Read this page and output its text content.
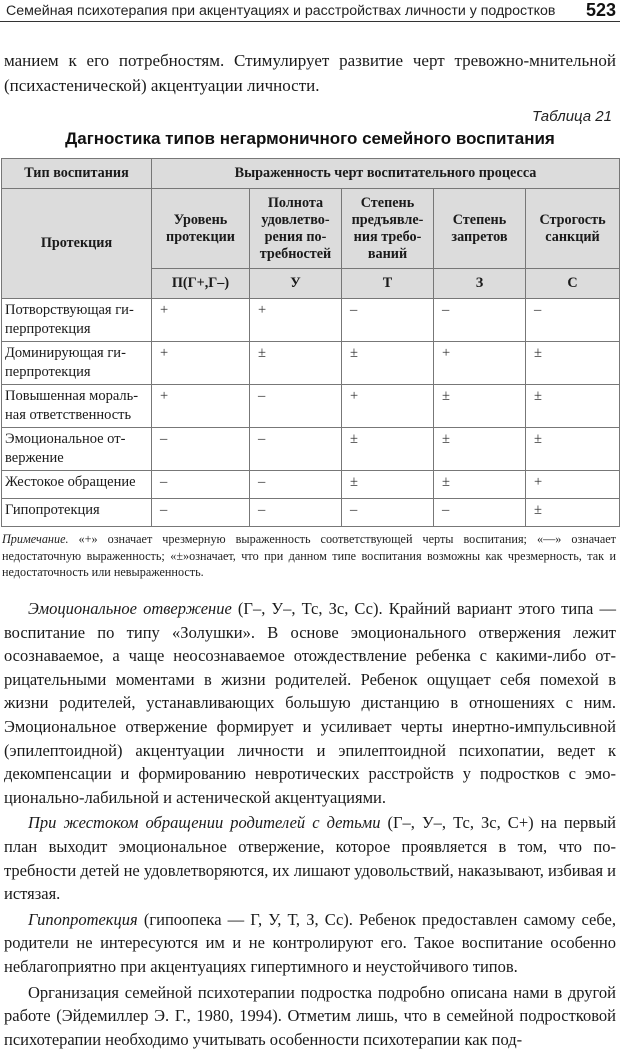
Семейная психотерапия при акцентуациях и расстройствах личности у подростков 523

манием к его потребностям. Стимулирует развитие черт тревожно-мнительной (психастенической) акцентуации личности.

Таблица 21
Дагностика типов негармоничного семейного воспитания
Тип воспитания	Выраженность черт воспитательного процесса				
Протекция	Уровень протекции	Полнота удовлетворения потребностей	Степень предъявления требований	Степень запретов	Строгость санкций
	П(Г+,Г–)	У	Т	З	С
Потворствующая гиперпротекция	+	+	–	–	–
Доминирующая гиперпротекция	+	±	±	+	±
Повышенная моральная ответственность	+	–	+	±	±
Эмоциональное отвержение	–	–	±	±	±
Жестокое обращение	–	–	±	±	+
Гипопротекция	–	–	–	–	±

Примечание. «+» означает чрезмерную выраженность соответствующей черты воспитания; «—» означает недостаточную выраженность; «±»означает, что при данном типе воспитания возможны как чрезмерность, так и недостаточность или невыраженность.

Эмоциональное отвержение (Г–, У–, Тс, Зс, Сс). Крайний вариант этого типа — воспитание по типу «Золушки». В основе эмоционального отвержения лежит осознаваемое, а чаще неосознаваемое отождествление ребенка с какими-либо отрицательными моментами в жизни родителей. Ребенок ощущает себя помехой в жизни родителей, устанавливающих большую дистанцию в отношениях с ним. Эмоциональное отвержение формирует и усиливает черты инертно-импульсивной (эпилептоидной) акцентуации личности и эпилептоидной психопатии, ведет к декомпенсации и формированию невротических расстройств у подростков с эмоционально-лабильной и астенической акцентуациями.

При жестоком обращении родителей с детьми (Г–, У–, Тс, Зс, С+) на первый план выходит эмоциональное отвержение, которое проявляется в том, что потребности детей не удовлетворяются, их лишают удовольствий, наказывают, избивая и истязая.

Гипопротекция (гипоопека — Г, У, Т, З, Сс). Ребенок предоставлен самому себе, родители не интересуются им и не контролируют его. Такое воспитание особенно неблагоприятно при акцентуациях гипертимного и неустойчивого типов.

Организация семейной психотерапии подростка подробно описана нами в другой работе (Эйдемиллер Э. Г., 1980, 1994). Отметим лишь, что в семейной подростковой психотерапии необходимо учитывать особенности психотерапии как под-
